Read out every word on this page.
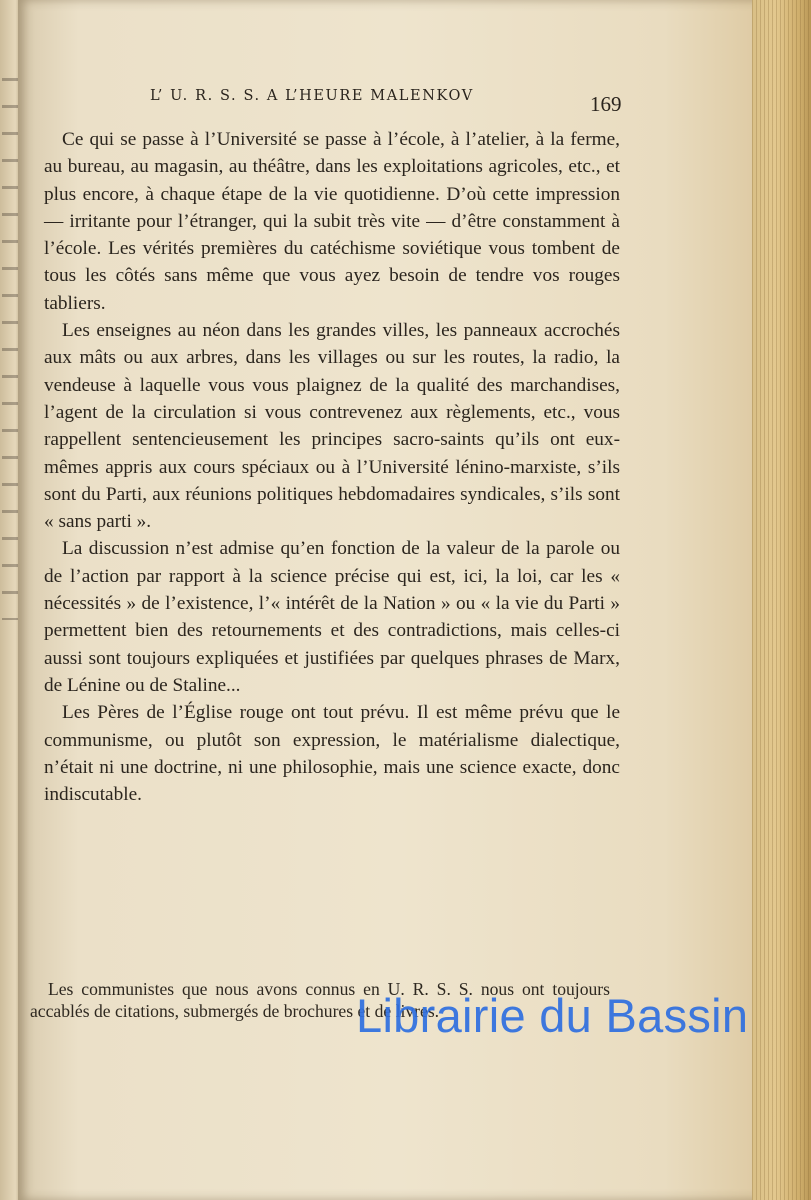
L’ U. R. S. S. A L’HEURE MALENKOV	169

Ce qui se passe à l’Université se passe à l’école, à l’atelier, à la ferme, au bureau, au magasin, au théâtre, dans les exploitations agricoles, etc., et plus encore, à chaque étape de la vie quotidienne. D’où cette impression — irritante pour l’étranger, qui la subit très vite — d’être constamment à l’école. Les vérités premières du catéchisme soviétique vous tombent de tous les côtés sans même que vous ayez besoin de tendre vos rouges tabliers.

Les enseignes au néon dans les grandes villes, les panneaux accrochés aux mâts ou aux arbres, dans les villages ou sur les routes, la radio, la vendeuse à laquelle vous vous plaignez de la qualité des marchandises, l’agent de la circulation si vous contrevenez aux règlements, etc., vous rappellent sentencieusement les principes sacro-saints qu’ils ont eux-mêmes appris aux cours spéciaux ou à l’Université lénino-marxiste, s’ils sont du Parti, aux réunions politiques hebdomadaires syndicales, s’ils sont « sans parti ».

La discussion n’est admise qu’en fonction de la valeur de la parole ou de l’action par rapport à la science précise qui est, ici, la loi, car les « nécessités » de l’existence, l’« intérêt de la Nation » ou « la vie du Parti » permettent bien des retournements et des contradictions, mais celles-ci aussi sont toujours expliquées et justifiées par quelques phrases de Marx, de Lénine ou de Staline...

Les Pères de l’Église rouge ont tout prévu. Il est même prévu que le communisme, ou plutôt son expression, le matérialisme dialectique, n’était ni une doctrine, ni une philosophie, mais une science exacte, donc indiscutable.

Les communistes que nous avons connus en U. R. S. S. nous ont toujours accablés de citations, submergés de brochures et de livres.

Librairie du Bassin
